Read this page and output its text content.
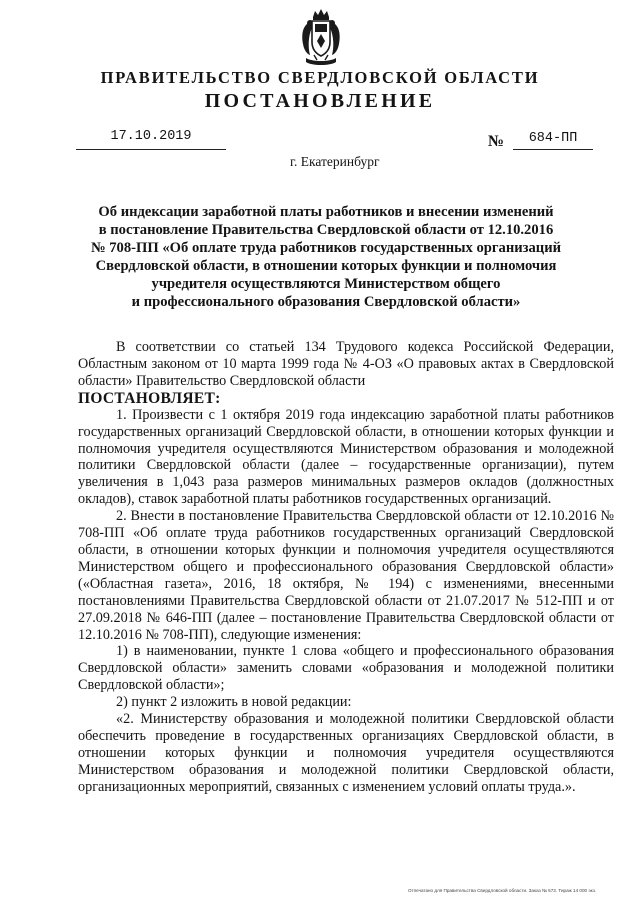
ПРАВИТЕЛЬСТВО СВЕРДЛОВСКОЙ ОБЛАСТИ
ПОСТАНОВЛЕНИЕ
17.10.2019	№	684-ПП
г. Екатеринбург
Об индексации заработной платы работников и внесении изменений
в постановление Правительства Свердловской области от 12.10.2016
№ 708-ПП «Об оплате труда работников государственных организаций
Свердловской области, в отношении которых функции и полномочия
учредителя осуществляются Министерством общего
и профессионального образования Свердловской области»

В соответствии со статьей 134 Трудового кодекса Российской Федерации, Областным законом от 10 марта 1999 года № 4-ОЗ «О правовых актах в Свердловской области» Правительство Свердловской области

ПОСТАНОВЛЯЕТ:

1. Произвести с 1 октября 2019 года индексацию заработной платы работников государственных организаций Свердловской области, в отношении которых функции и полномочия учредителя осуществляются Министерством образования и молодежной политики Свердловской области (далее – государственные организации), путем увеличения в 1,043 раза размеров минимальных размеров окладов (должностных окладов), ставок заработной платы работников государственных организаций.

2. Внести в постановление Правительства Свердловской области от 12.10.2016 № 708-ПП «Об оплате труда работников государственных организаций Свердловской области, в отношении которых функции и полномочия учредителя осуществляются Министерством общего и профессионального образования Свердловской области» («Областная газета», 2016, 18 октября, № 194) с изменениями, внесенными постановлениями Правительства Свердловской области от 21.07.2017 № 512-ПП и от 27.09.2018 № 646-ПП (далее – постановление Правительства Свердловской области от 12.10.2016 № 708-ПП), следующие изменения:

1) в наименовании, пункте 1 слова «общего и профессионального образования Свердловской области» заменить словами «образования и молодежной политики Свердловской области»;

2) пункт 2 изложить в новой редакции:

«2. Министерству образования и молодежной политики Свердловской области обеспечить проведение в государственных организациях Свердловской области, в отношении которых функции и полномочия учредителя осуществляются Министерством образования и молодежной политики Свердловской области, организационных мероприятий, связанных с изменением условий оплаты труда.».

Отпечатано для Правительства Свердловской области. Заказ № 573. Тираж 14 000 экз.
